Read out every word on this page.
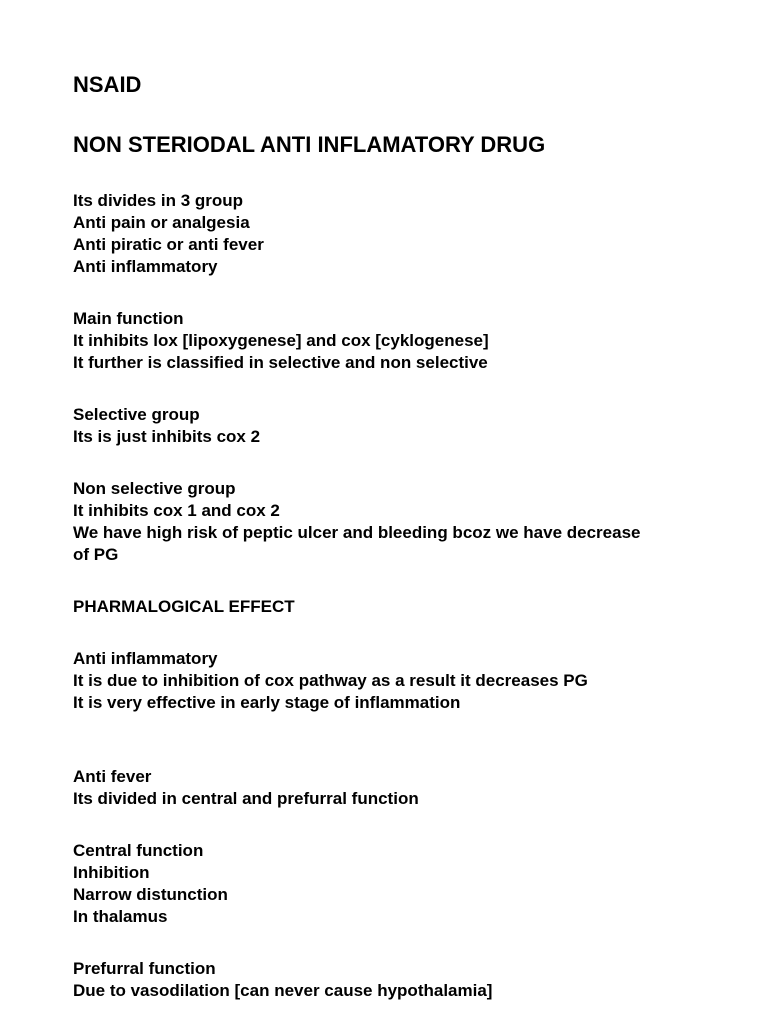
NSAID
NON STERIODAL ANTI INFLAMATORY DRUG
Its divides in 3 group
Anti pain or analgesia
Anti piratic or anti fever
Anti inflammatory
Main function
It inhibits lox [lipoxygenese] and cox [cyklogenese]
It further is classified in selective and non selective
Selective group
Its is just inhibits cox 2
Non selective group
It inhibits cox 1 and cox 2
We have high risk of peptic ulcer and bleeding bcoz we have decrease of PG
PHARMALOGICAL EFFECT
Anti inflammatory
It is due to inhibition of cox pathway as a result it decreases PG
It is very effective in early stage of inflammation
Anti fever
Its divided in central and prefurral function
Central function
Inhibition
Narrow distunction
In thalamus
Prefurral function
Due to vasodilation [can never cause hypothalamia]
